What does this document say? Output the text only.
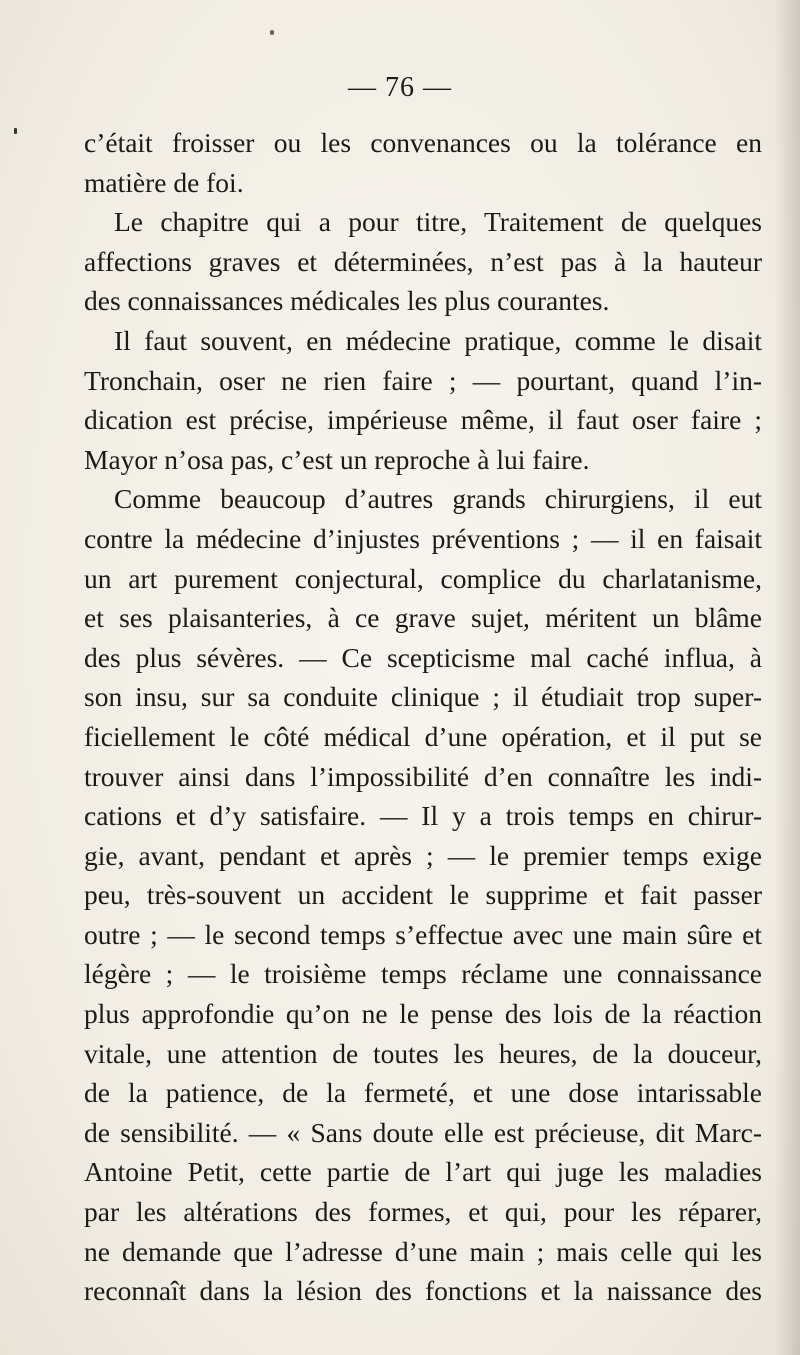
— 76 —
c’était froisser ou les convenances ou la tolérance en
matière de foi.
Le chapitre qui a pour titre, Traitement de quelques
affections graves et déterminées, n’est pas à la hauteur
des connaissances médicales les plus courantes.
Il faut souvent, en médecine pratique, comme le disait
Tronchain, oser ne rien faire ; — pourtant, quand l’in-
dication est précise, impérieuse même, il faut oser faire ;
Mayor n’osa pas, c’est un reproche à lui faire.
Comme beaucoup d’autres grands chirurgiens, il eut
contre la médecine d’injustes préventions ; — il en faisait
un art purement conjectural, complice du charlatanisme,
et ses plaisanteries, à ce grave sujet, méritent un blâme
des plus sévères. — Ce scepticisme mal caché influa, à
son insu, sur sa conduite clinique ; il étudiait trop super-
ficiellement le côté médical d’une opération, et il put se
trouver ainsi dans l’impossibilité d’en connaître les indi-
cations et d’y satisfaire. — Il y a trois temps en chirur-
gie, avant, pendant et après ; — le premier temps exige
peu, très-souvent un accident le supprime et fait passer
outre ; — le second temps s’effectue avec une main sûre et
légère ; — le troisième temps réclame une connaissance
plus approfondie qu’on ne le pense des lois de la réaction
vitale, une attention de toutes les heures, de la douceur,
de la patience, de la fermeté, et une dose intarissable
de sensibilité. — « Sans doute elle est précieuse, dit Marc-
Antoine Petit, cette partie de l’art qui juge les maladies
par les altérations des formes, et qui, pour les réparer,
ne demande que l’adresse d’une main ; mais celle qui les
reconnaît dans la lésion des fonctions et la naissance des
